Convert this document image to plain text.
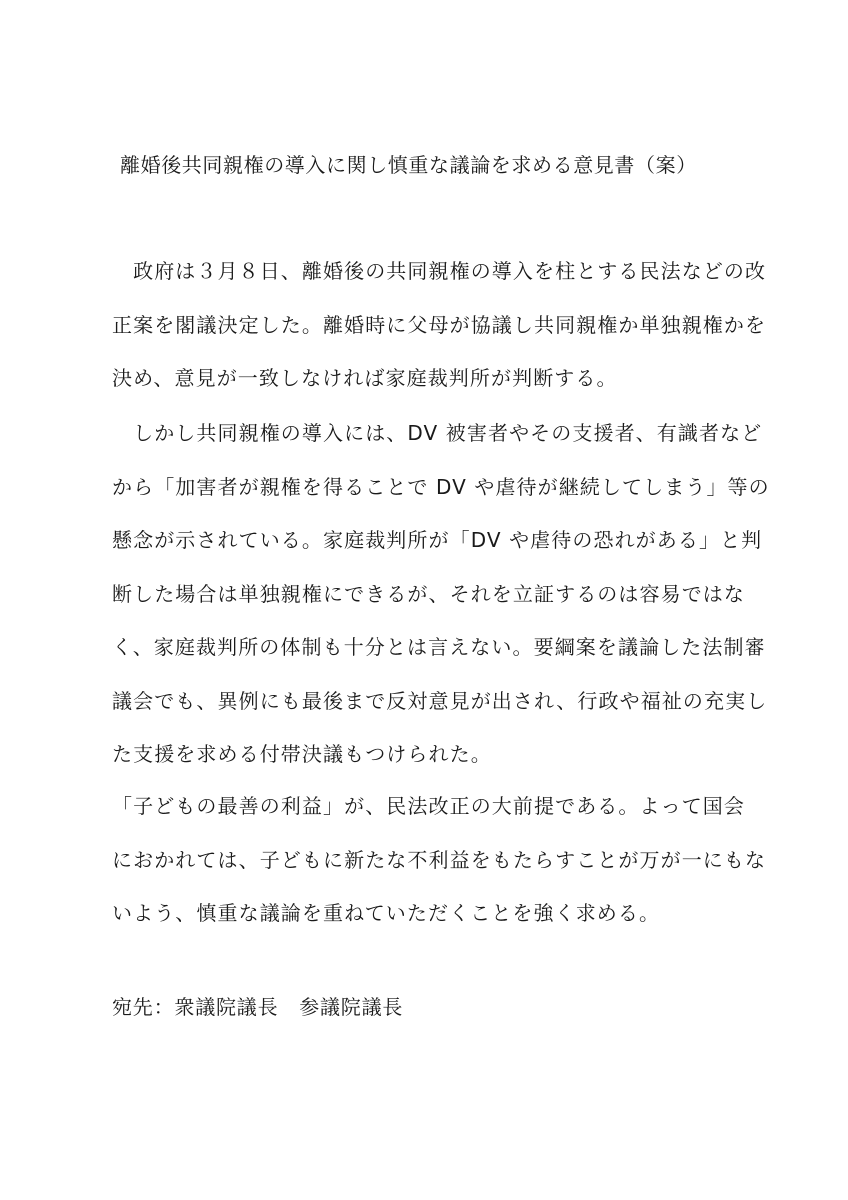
離婚後共同親権の導入に関し慎重な議論を求める意見書（案）
　政府は３月８日、離婚後の共同親権の導入を柱とする民法などの改
正案を閣議決定した。離婚時に父母が協議し共同親権か単独親権かを
決め、意見が一致しなければ家庭裁判所が判断する。
　しかし共同親権の導入には、DV 被害者やその支援者、有識者など
から「加害者が親権を得ることで DV や虐待が継続してしまう」等の
懸念が示されている。家庭裁判所が「DV や虐待の恐れがある」と判
断した場合は単独親権にできるが、それを立証するのは容易ではな
く、家庭裁判所の体制も十分とは言えない。要綱案を議論した法制審
議会でも、異例にも最後まで反対意見が出され、行政や福祉の充実し
た支援を求める付帯決議もつけられた。
「子どもの最善の利益」が、民法改正の大前提である。よって国会
におかれては、子どもに新たな不利益をもたらすことが万が一にもな
いよう、慎重な議論を重ねていただくことを強く求める。
宛先：衆議院議長　参議院議長
